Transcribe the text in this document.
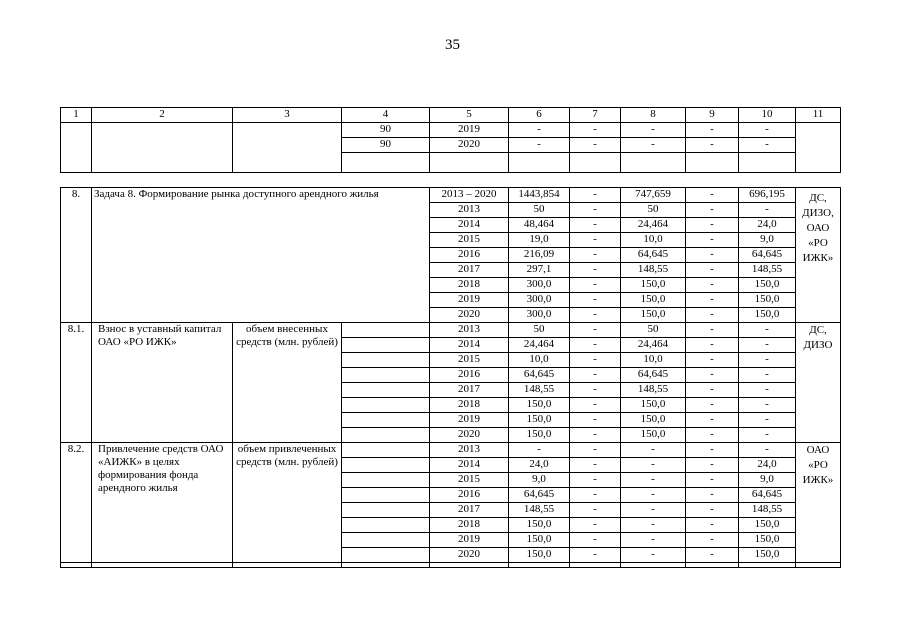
35
1	2	3	4	5	6	7	8	9	10	11
			90	2019	-	-	-	-	-	
			90	2020	-	-	-	-	-	

8.	Задача 8. Формирование рынка доступного арендного жилья			2013 – 2020	1443,854	-	747,659	-	696,195	ДС, ДИЗО, ОАО «РО ИЖК»
				2013	50	-	50	-	-	
				2014	48,464	-	24,464	-	24,0	
				2015	19,0	-	10,0	-	9,0	
				2016	216,09	-	64,645	-	64,645	
				2017	297,1	-	148,55	-	148,55	
				2018	300,0	-	150,0	-	150,0	
				2019	300,0	-	150,0	-	150,0	
				2020	300,0	-	150,0	-	150,0	
8.1.	Взнос в уставный капитал ОАО «РО ИЖК»	объем внесенных средств (млн. рублей)		2013	50	-	50	-	-	ДС, ДИЗО
				2014	24,464	-	24,464	-	-	
				2015	10,0	-	10,0	-	-	
				2016	64,645	-	64,645	-	-	
				2017	148,55	-	148,55	-	-	
				2018	150,0	-	150,0	-	-	
				2019	150,0	-	150,0	-	-	
				2020	150,0	-	150,0	-	-	
8.2.	Привлечение средств ОАО «АИЖК» в целях формирования фонда арендного жилья	объем привлеченных средств (млн. рублей)		2013	-	-	-	-	-	ОАО «РО ИЖК»
				2014	24,0	-	-	-	24,0	
				2015	9,0	-	-	-	9,0	
				2016	64,645	-	-	-	64,645	
				2017	148,55	-	-	-	148,55	
				2018	150,0	-	-	-	150,0	
				2019	150,0	-	-	-	150,0	
				2020	150,0	-	-	-	150,0	
